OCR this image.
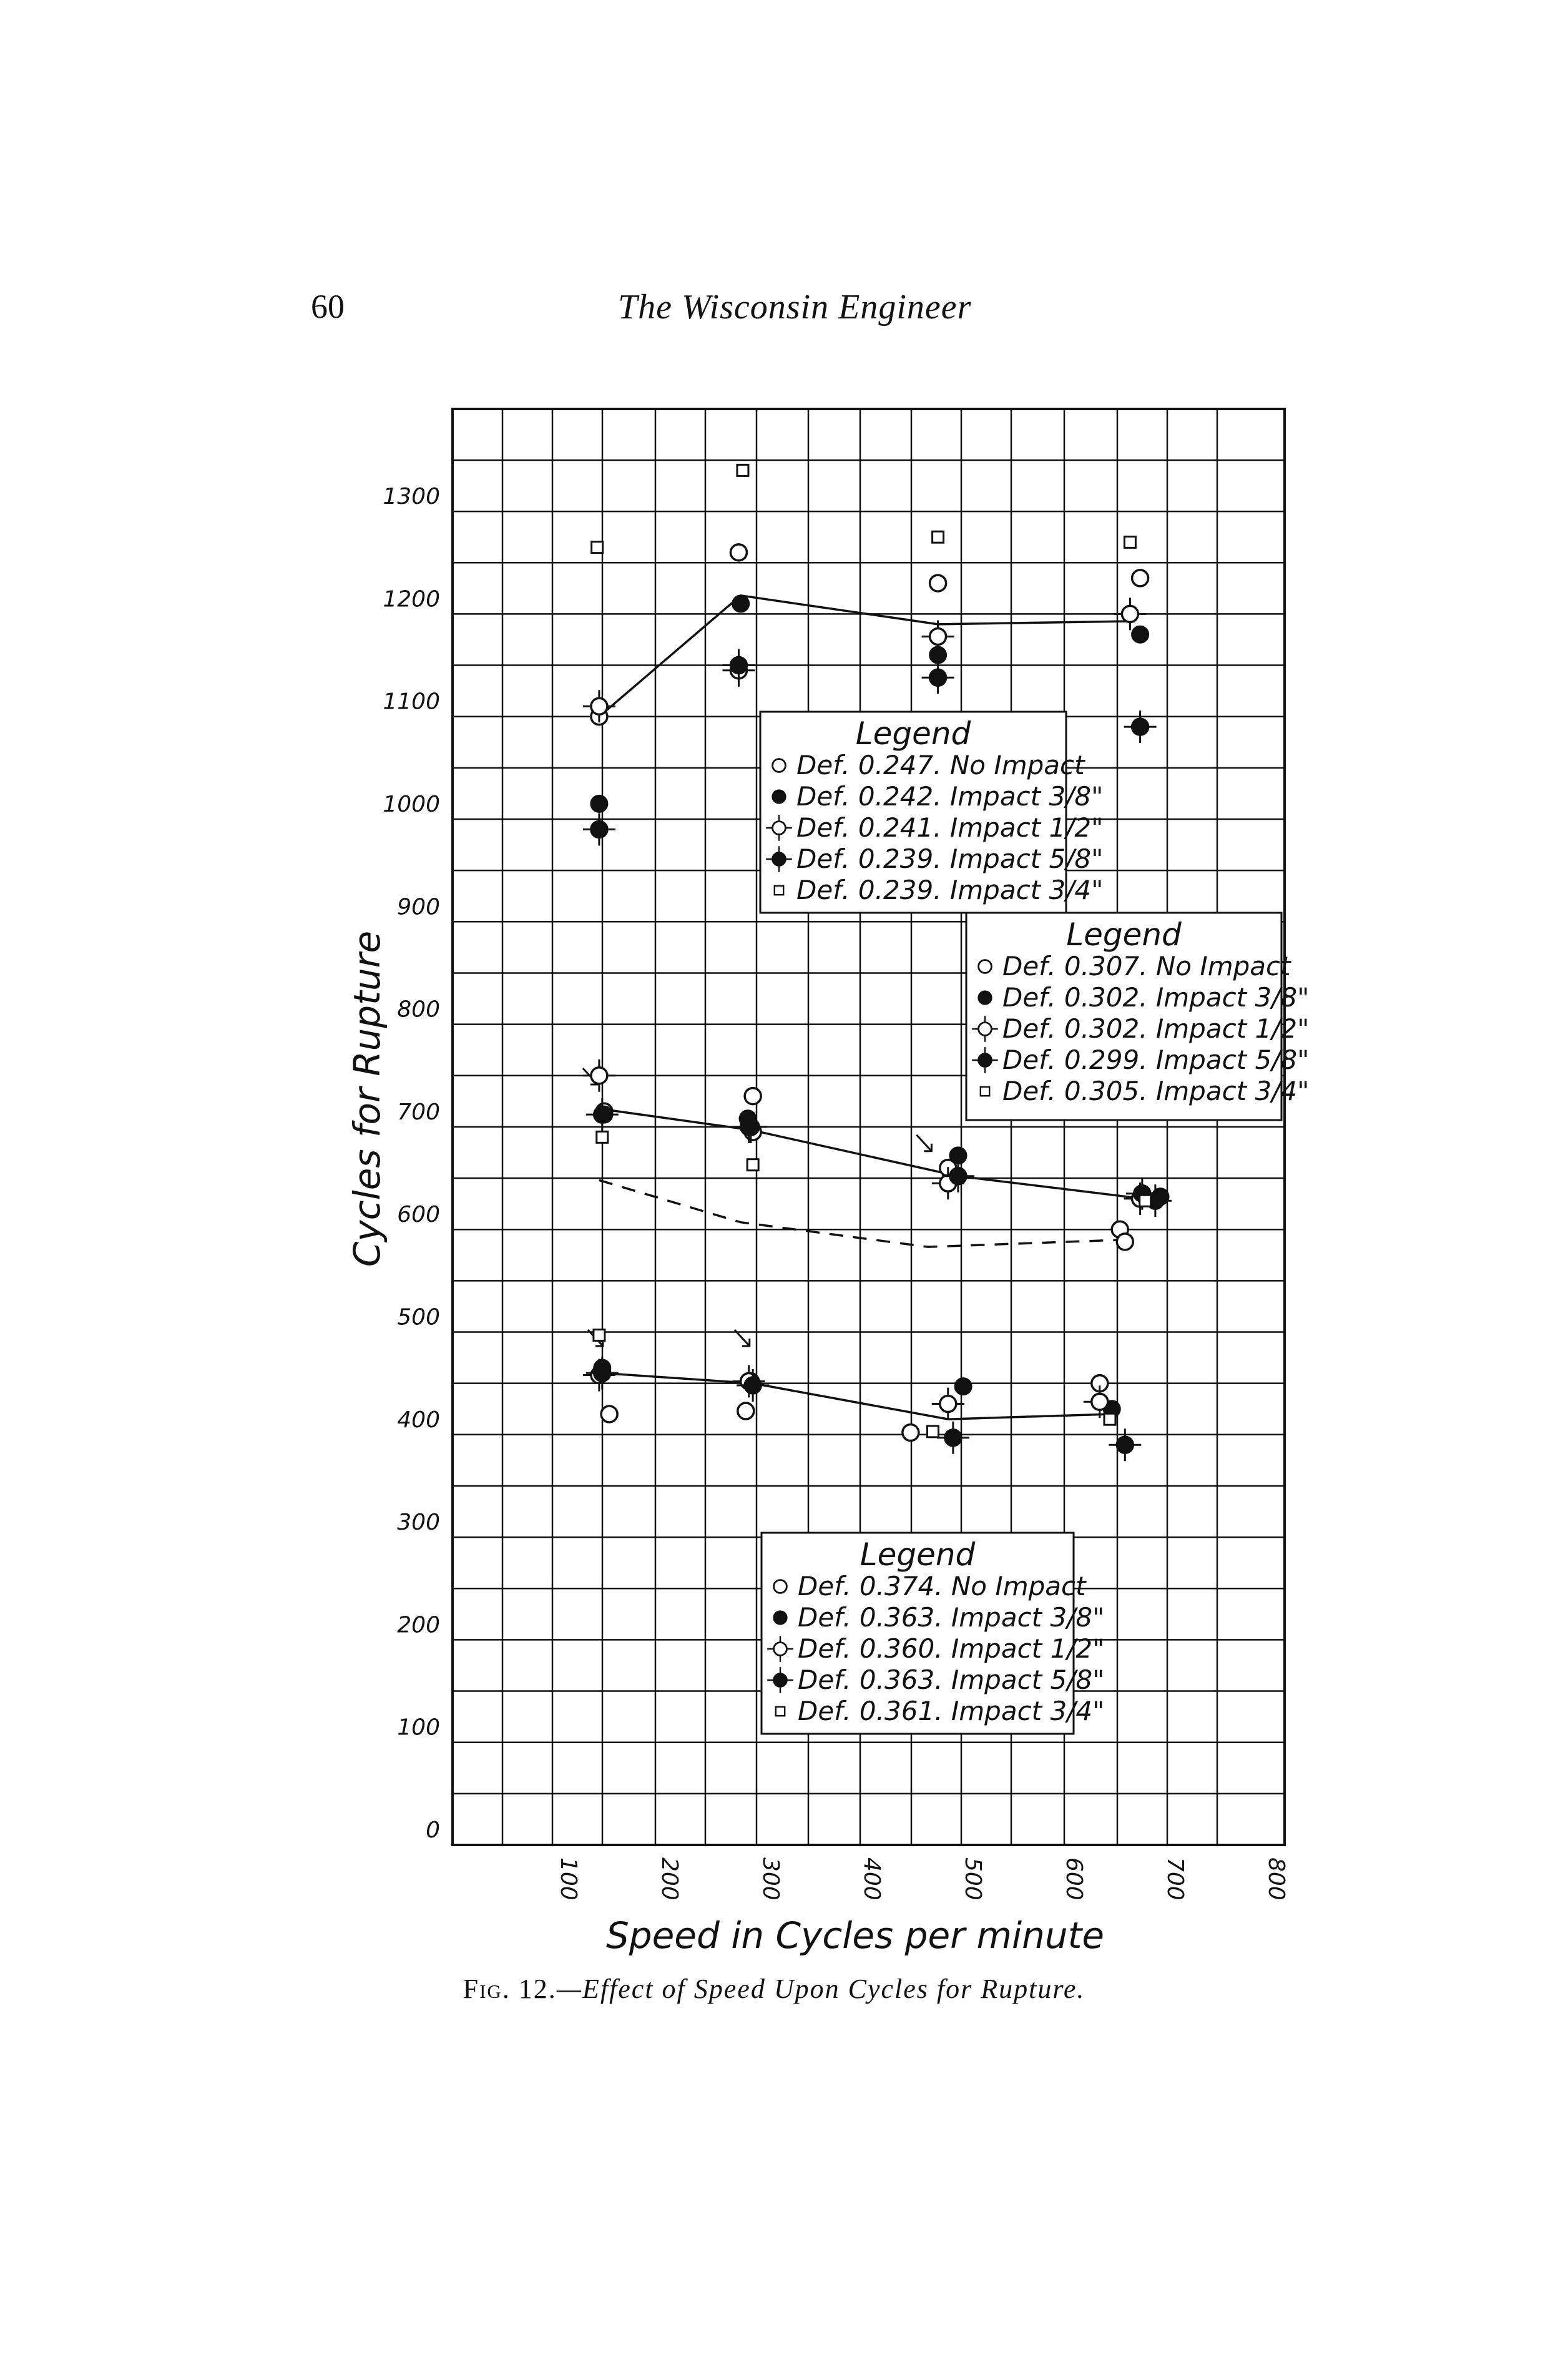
60	The Wisconsin Engineer
Legend
Def. 0.247. No Impact
Def. 0.242. Impact 3/8"
Def. 0.241. Impact 1/2"
Def. 0.239. Impact 5/8"
Def. 0.239. Impact 3/4"
Legend
Def. 0.307. No Impact
Def. 0.302. Impact 3/8"
Def. 0.302. Impact 1/2"
Def. 0.299. Impact 5/8"
Def. 0.305. Impact 3/4"
Legend
Def. 0.374. No Impact
Def. 0.363. Impact 3/8"
Def. 0.360. Impact 1/2"
Def. 0.363. Impact 5/8"
Def. 0.361. Impact 3/4"
0
100
200
300
400
500
600
700
800
900
1000
1100
1200
1300
100	200	300	400	500	600	700	800
Cycles for Rupture
Speed in Cycles per minute
Fig. 12.—Effect of Speed Upon Cycles for Rupture.
